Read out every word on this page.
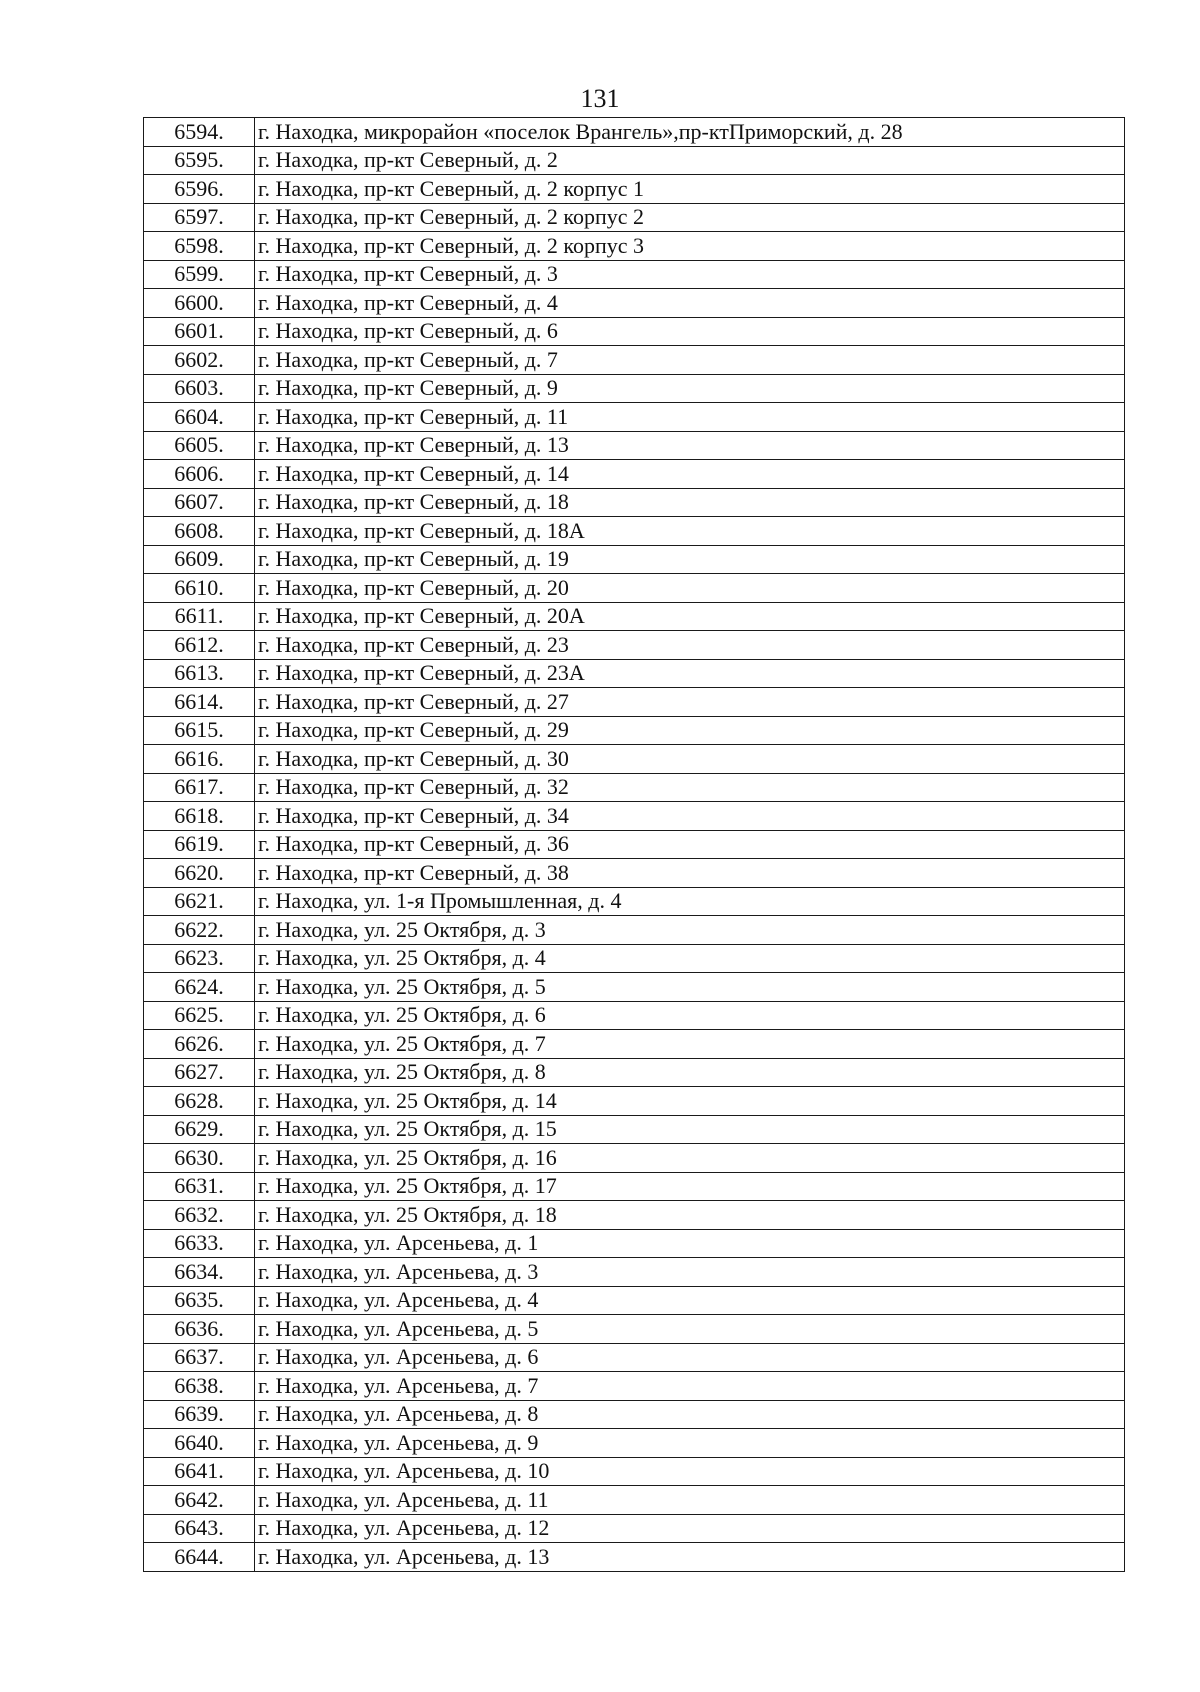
131
6594.	г. Находка, микрорайон «поселок Врангель»,пр-ктПриморский, д. 28
6595.	г. Находка, пр-кт Северный, д. 2
6596.	г. Находка, пр-кт Северный, д. 2 корпус 1
6597.	г. Находка, пр-кт Северный, д. 2 корпус 2
6598.	г. Находка, пр-кт Северный, д. 2 корпус 3
6599.	г. Находка, пр-кт Северный, д. 3
6600.	г. Находка, пр-кт Северный, д. 4
6601.	г. Находка, пр-кт Северный, д. 6
6602.	г. Находка, пр-кт Северный, д. 7
6603.	г. Находка, пр-кт Северный, д. 9
6604.	г. Находка, пр-кт Северный, д. 11
6605.	г. Находка, пр-кт Северный, д. 13
6606.	г. Находка, пр-кт Северный, д. 14
6607.	г. Находка, пр-кт Северный, д. 18
6608.	г. Находка, пр-кт Северный, д. 18А
6609.	г. Находка, пр-кт Северный, д. 19
6610.	г. Находка, пр-кт Северный, д. 20
6611.	г. Находка, пр-кт Северный, д. 20А
6612.	г. Находка, пр-кт Северный, д. 23
6613.	г. Находка, пр-кт Северный, д. 23А
6614.	г. Находка, пр-кт Северный, д. 27
6615.	г. Находка, пр-кт Северный, д. 29
6616.	г. Находка, пр-кт Северный, д. 30
6617.	г. Находка, пр-кт Северный, д. 32
6618.	г. Находка, пр-кт Северный, д. 34
6619.	г. Находка, пр-кт Северный, д. 36
6620.	г. Находка, пр-кт Северный, д. 38
6621.	г. Находка, ул. 1-я Промышленная, д. 4
6622.	г. Находка, ул. 25 Октября, д. 3
6623.	г. Находка, ул. 25 Октября, д. 4
6624.	г. Находка, ул. 25 Октября, д. 5
6625.	г. Находка, ул. 25 Октября, д. 6
6626.	г. Находка, ул. 25 Октября, д. 7
6627.	г. Находка, ул. 25 Октября, д. 8
6628.	г. Находка, ул. 25 Октября, д. 14
6629.	г. Находка, ул. 25 Октября, д. 15
6630.	г. Находка, ул. 25 Октября, д. 16
6631.	г. Находка, ул. 25 Октября, д. 17
6632.	г. Находка, ул. 25 Октября, д. 18
6633.	г. Находка, ул. Арсеньева, д. 1
6634.	г. Находка, ул. Арсеньева, д. 3
6635.	г. Находка, ул. Арсеньева, д. 4
6636.	г. Находка, ул. Арсеньева, д. 5
6637.	г. Находка, ул. Арсеньева, д. 6
6638.	г. Находка, ул. Арсеньева, д. 7
6639.	г. Находка, ул. Арсеньева, д. 8
6640.	г. Находка, ул. Арсеньева, д. 9
6641.	г. Находка, ул. Арсеньева, д. 10
6642.	г. Находка, ул. Арсеньева, д. 11
6643.	г. Находка, ул. Арсеньева, д. 12
6644.	г. Находка, ул. Арсеньева, д. 13
